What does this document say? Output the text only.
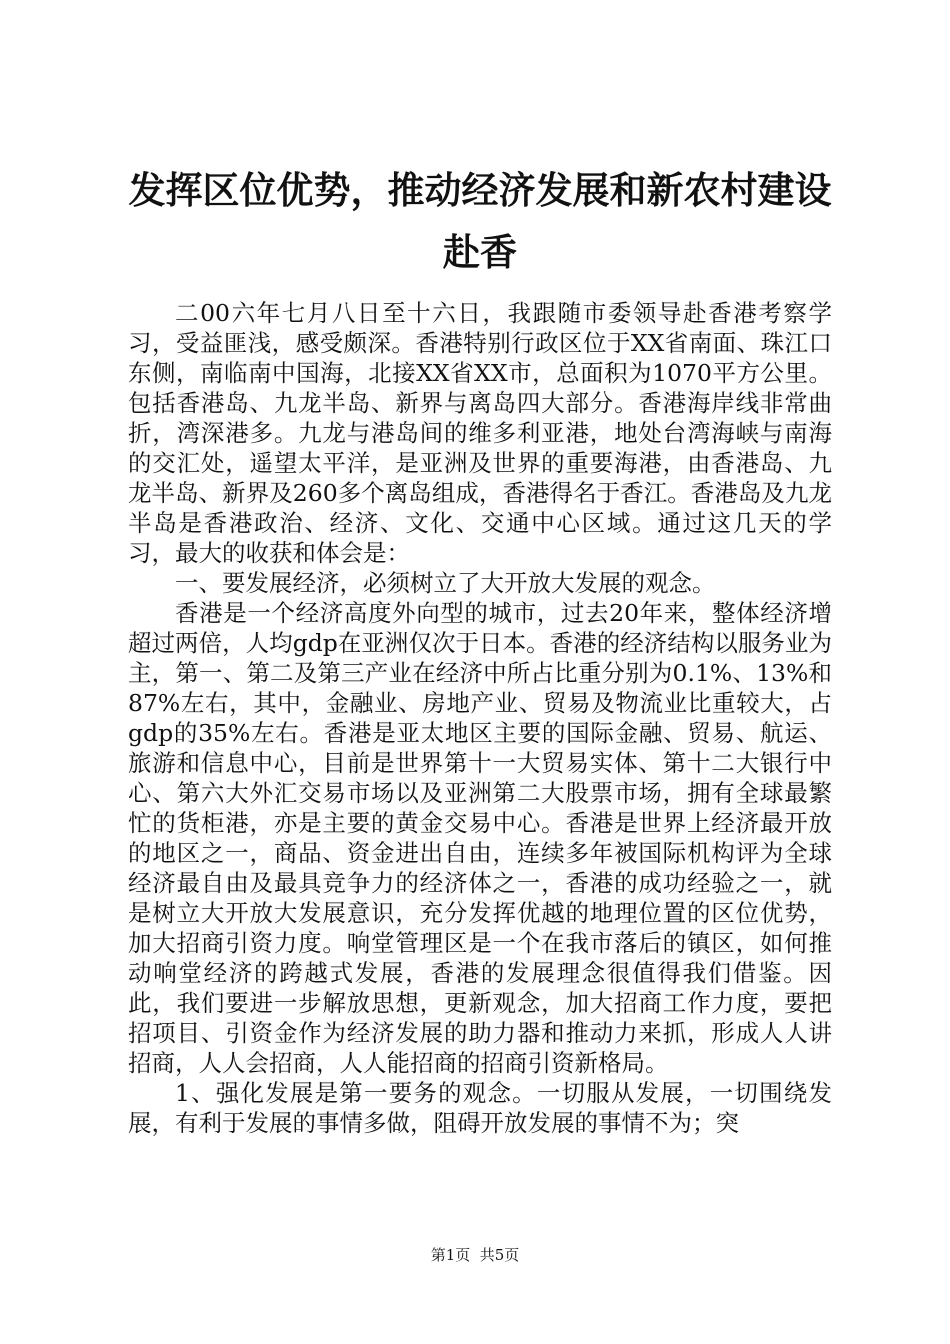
发挥区位优势，推动经济发展和新农村建设赴香

二00六年七月八日至十六日，我跟随市委领导赴香港考察学习，受益匪浅，感受颇深。香港特别行政区位于XX省南面、珠江口东侧，南临南中国海，北接XX省XX市，总面积为1070平方公里。包括香港岛、九龙半岛、新界与离岛四大部分。香港海岸线非常曲折，湾深港多。九龙与港岛间的维多利亚港，地处台湾海峡与南海的交汇处，遥望太平洋，是亚洲及世界的重要海港，由香港岛、九龙半岛、新界及260多个离岛组成，香港得名于香江。香港岛及九龙半岛是香港政治、经济、文化、交通中心区域。通过这几天的学习，最大的收获和体会是：

一、要发展经济，必须树立了大开放大发展的观念。

香港是一个经济高度外向型的城市，过去20年来，整体经济增超过两倍，人均gdp在亚洲仅次于日本。香港的经济结构以服务业为主，第一、第二及第三产业在经济中所占比重分别为0.1%、13%和87%左右，其中，金融业、房地产业、贸易及物流业比重较大，占gdp的35%左右。香港是亚太地区主要的国际金融、贸易、航运、旅游和信息中心，目前是世界第十一大贸易实体、第十二大银行中心、第六大外汇交易市场以及亚洲第二大股票市场，拥有全球最繁忙的货柜港，亦是主要的黄金交易中心。香港是世界上经济最开放的地区之一，商品、资金进出自由，连续多年被国际机构评为全球经济最自由及最具竞争力的经济体之一，香港的成功经验之一，就是树立大开放大发展意识，充分发挥优越的地理位置的区位优势，加大招商引资力度。响堂管理区是一个在我市落后的镇区，如何推动响堂经济的跨越式发展，香港的发展理念很值得我们借鉴。因此，我们要进一步解放思想，更新观念，加大招商工作力度，要把招项目、引资金作为经济发展的助力器和推动力来抓，形成人人讲招商，人人会招商，人人能招商的招商引资新格局。

1、强化发展是第一要务的观念。一切服从发展，一切围绕发展，有利于发展的事情多做，阻碍开放发展的事情不为；突

第1页  共5页
